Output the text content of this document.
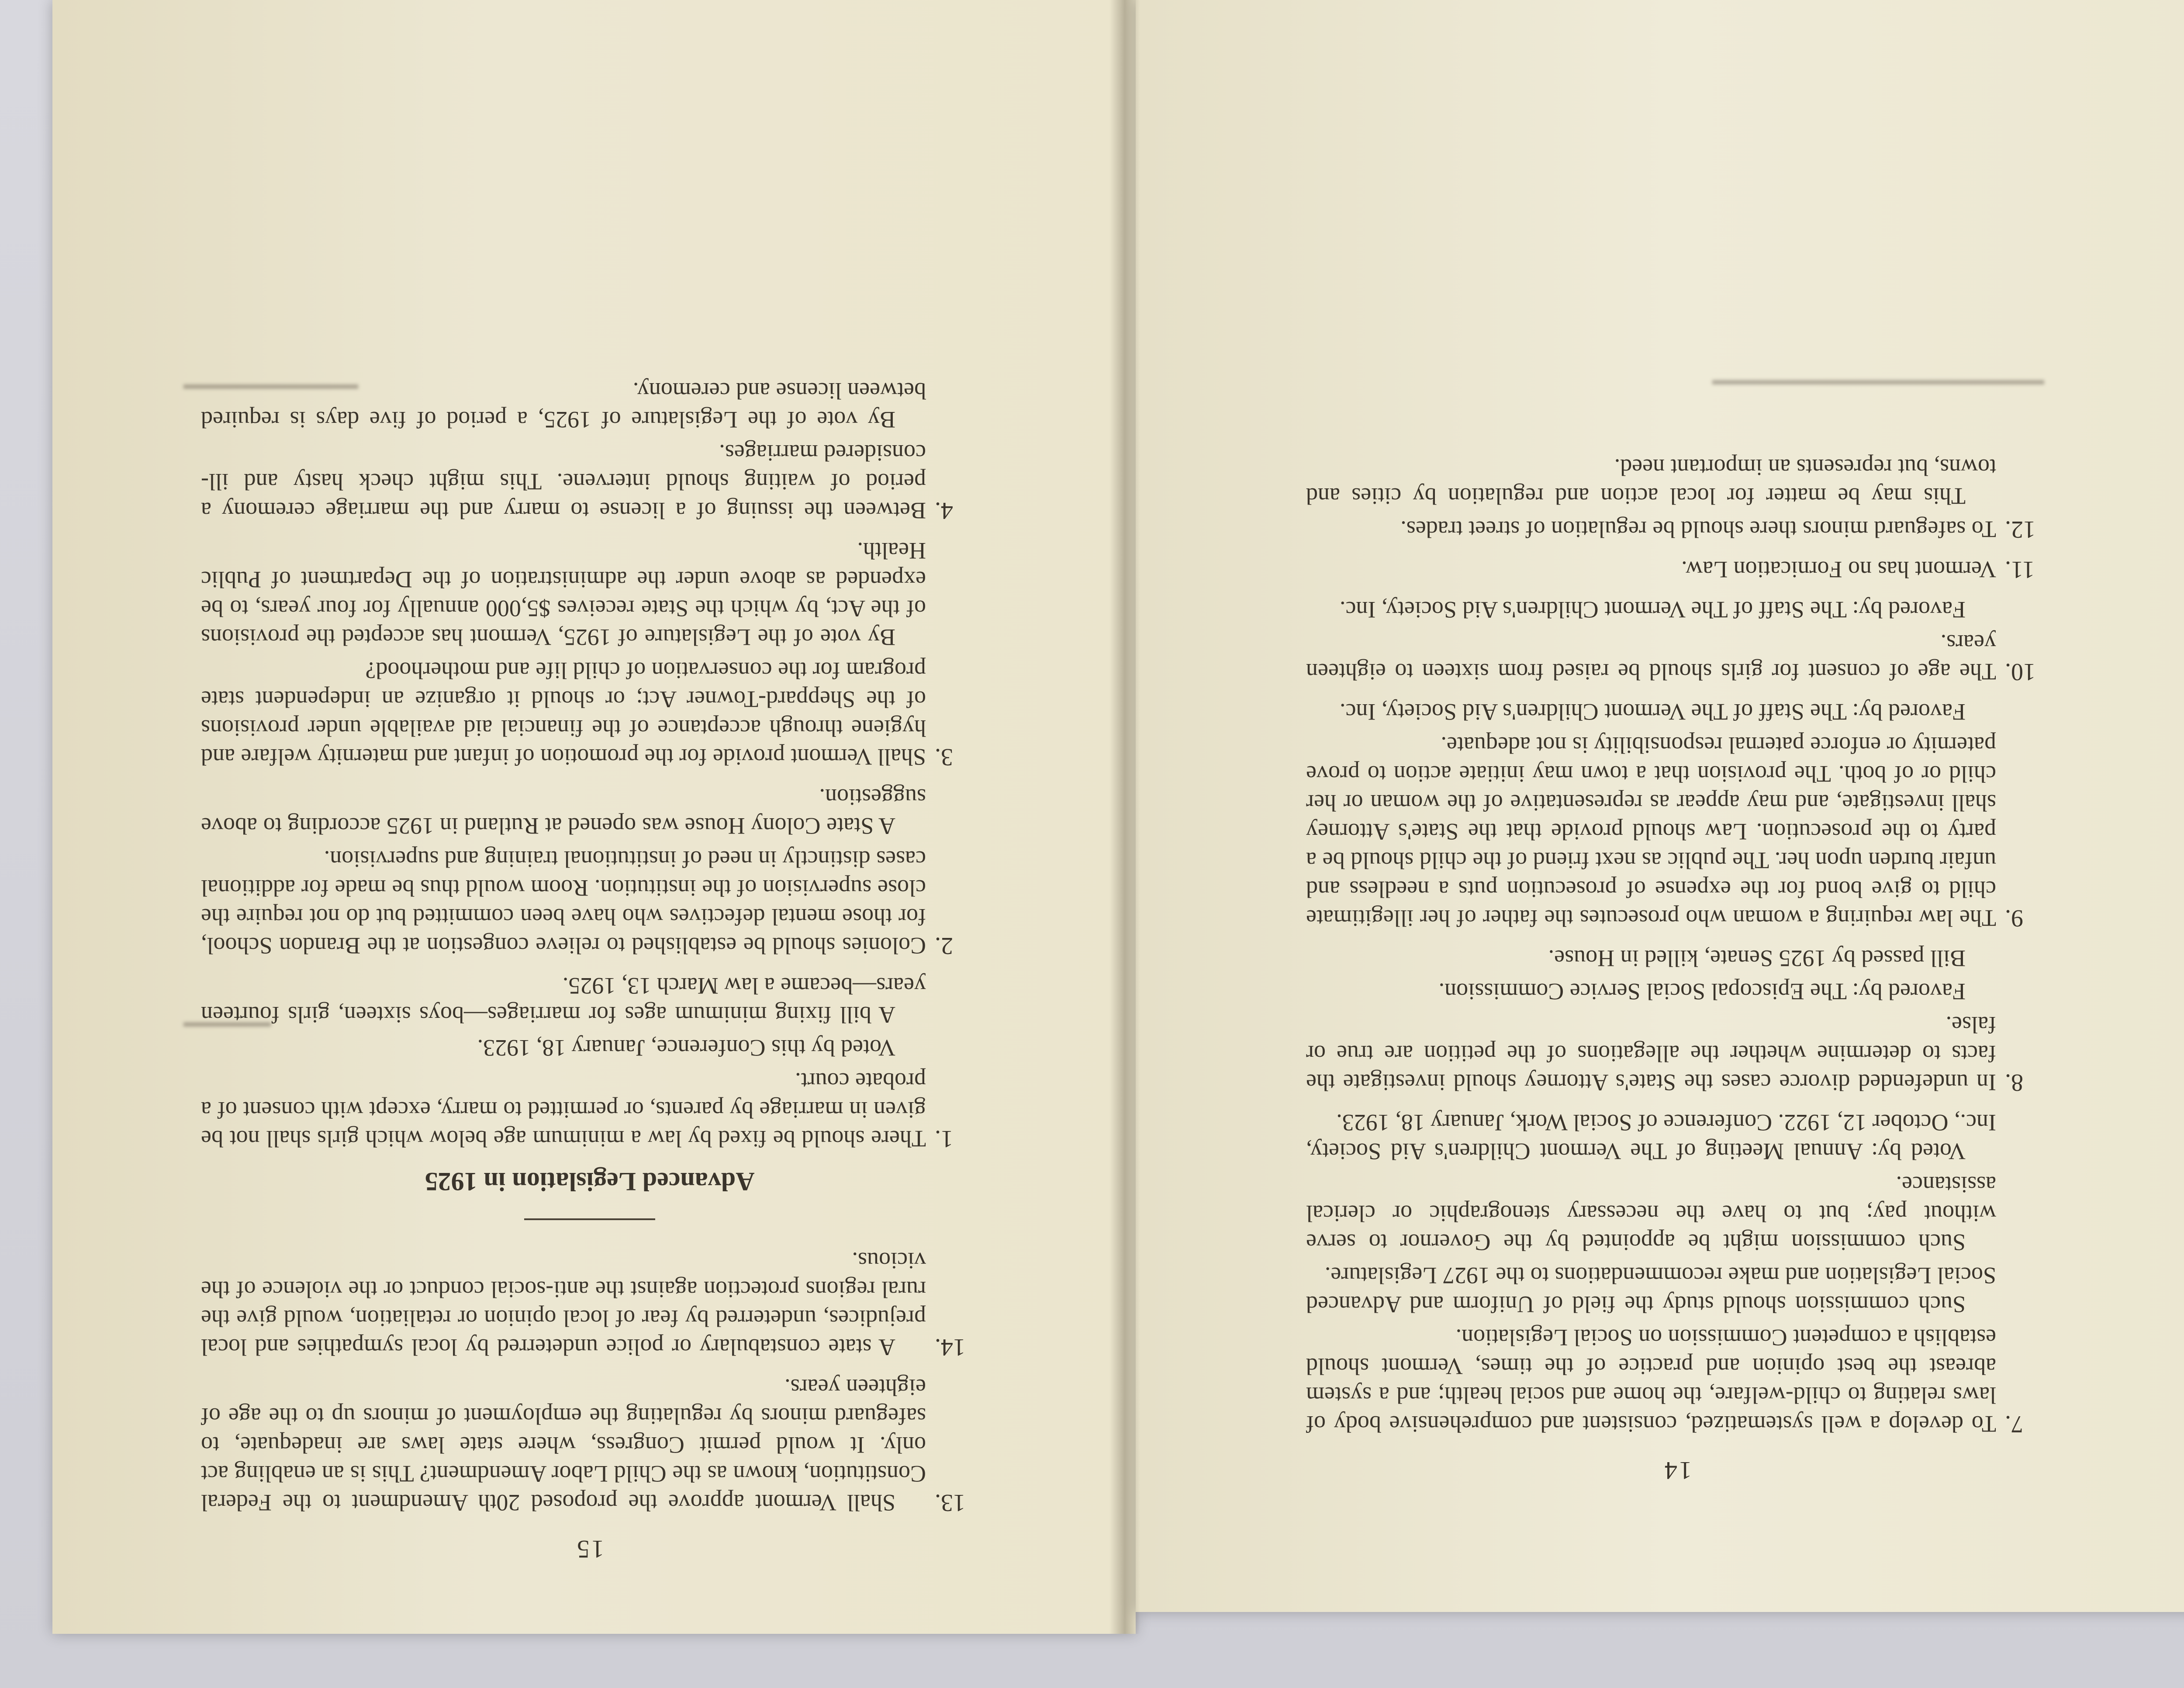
15
13.

Shall Vermont approve the proposed 20th Amendment to the Federal Constitution, known as the Child Labor Amendment? This is an enabling act only. It would permit Congress, where state laws are inadequate, to safeguard minors by regulating the employment of minors up to the age of eighteen years.

14.

A state constabulary or police undeterred by local sympathies and local prejudices, undeterred by fear of local opinion or retaliation, would give the rural regions protection against the anti-social conduct or the violence of the vicious.

Advanced Legislation in 1925
1.

There should be fixed by law a minimum age below which girls shall not be given in marriage by parents, or permitted to marry, except with consent of a probate court.

Voted by this Conference, January 18, 1923.

A bill fixing minimum ages for marriages—boys sixteen, girls fourteen years—became a law March 13, 1925.

2.

Colonies should be established to relieve congestion at the Brandon School, for those mental defectives who have been committed but do not require the close supervision of the institution. Room would thus be made for additional cases distinctly in need of institutional training and supervision.

A State Colony House was opened at Rutland in 1925 according to above suggestion.

3.

Shall Vermont provide for the promotion of infant and maternity welfare and hygiene through acceptance of the financial aid available under provisions of the Sheppard-Towner Act; or should it organize an independent state program for the conservation of child life and motherhood?

By vote of the Legislature of 1925, Vermont has accepted the provisions of the Act, by which the State receives $5,000 annually for four years, to be expended as above under the administration of the Department of Public Health.

4.

Between the issuing of a license to marry and the marriage ceremony a period of waiting should intervene. This might check hasty and ill-considered marriages.

By vote of the Legislature of 1925, a period of five days is required between license and ceremony.

14
7.

To develop a well systematized, consistent and comprehensive body of laws relating to child-welfare, the home and social health; and a system abreast the best opinion and practice of the times, Vermont should establish a competent Commission on Social Legislation.

Such commission should study the field of Uniform and Advanced Social Legislation and make recommendations to the 1927 Legislature.

Such commission might be appointed by the Governor to serve without pay; but to have the necessary stenographic or clerical assistance.

Voted by: Annual Meeting of The Vermont Children's Aid Society, Inc., October 12, 1922. Conference of Social Work, January 18, 1923.

8.

In undefended divorce cases the State's Attorney should investigate the facts to determine whether the allegations of the petition are true or false.

Favored by: The Episcopal Social Service Commission.

Bill passed by 1925 Senate, killed in House.

9.

The law requiring a woman who prosecutes the father of her illegitimate child to give bond for the expense of prosecution puts a needless and unfair burden upon her. The public as next friend of the child should be a party to the prosecution. Law should provide that the State's Attorney shall investigate, and may appear as representative of the woman or her child or of both. The provision that a town may initiate action to prove paternity or enforce paternal responsibility is not adequate.

Favored by: The Staff of The Vermont Children's Aid Society, Inc.

10.

The age of consent for girls should be raised from sixteen to eighteen years.

Favored by: The Staff of The Vermont Children's Aid Society, Inc.

11.

Vermont has no Fornication Law.

12.

To safeguard minors there should be regulation of street trades.

This may be matter for local action and regulation by cities and towns, but represents an important need.
